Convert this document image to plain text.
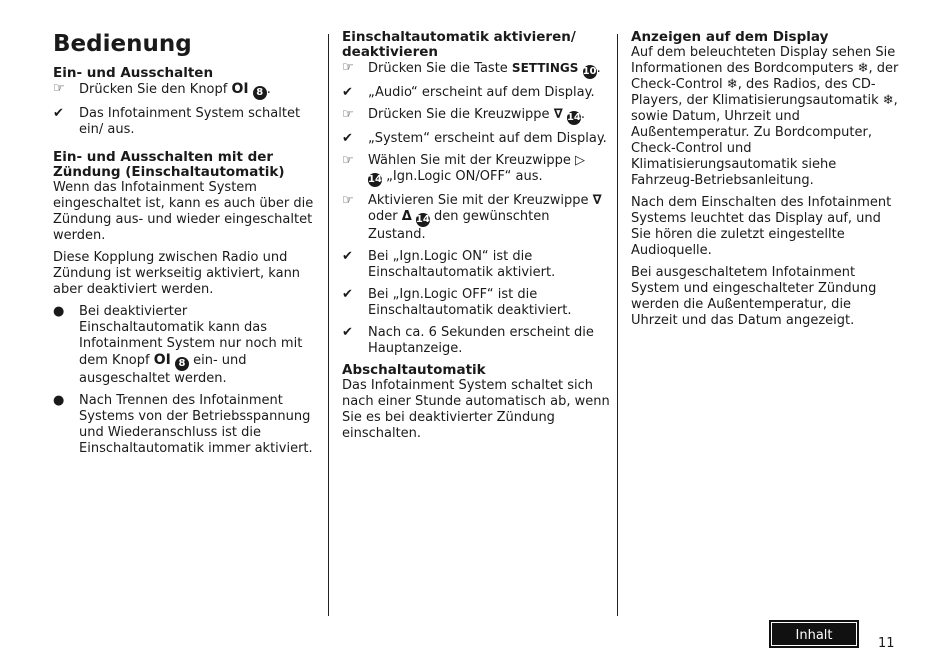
Bedienung
Ein- und Ausschalten
☞	Drücken Sie den Knopf OI 8 .
✔	Das Infotainment System schaltet ein/ aus.
Ein- und Ausschalten mit der Zündung (Einschaltautomatik)

Wenn das Infotainment System eingeschaltet ist, kann es auch über die Zündung aus- und wieder eingeschaltet werden.

Diese Kopplung zwischen Radio und Zündung ist werkseitig aktiviert, kann aber deaktiviert werden.

●	Bei deaktivierter Einschaltautomatik kann das Infotainment System nur noch mit dem Knopf OI 8 ein- und ausgeschaltet werden.
●	Nach Trennen des Infotainment Systems von der Betriebsspannung und Wiederanschluss ist die Einschaltautomatik immer aktiviert.
Einschaltautomatik aktivieren/ deaktivieren
☞	Drücken Sie die Taste SETTINGS 10.
✔	„Audio“ erscheint auf dem Display.
☞	Drücken Sie die Kreuzwippe ∇ 14.
✔	„System“ erscheint auf dem Display.
☞	Wählen Sie mit der Kreuzwippe ▷
14 „Ign.Logic ON/OFF“ aus.
☞	Aktivieren Sie mit der Kreuzwippe ∇
oder Δ 14 den gewünschten Zustand.
✔	Bei „Ign.Logic ON“ ist die Einschaltautomatik aktiviert.
✔	Bei „Ign.Logic OFF“ ist die Einschaltautomatik deaktiviert.
✔	Nach ca. 6 Sekunden erscheint die Hauptanzeige.
Abschaltautomatik

Das Infotainment System schaltet sich nach einer Stunde automatisch ab, wenn Sie es bei deaktivierter Zündung einschalten.

Anzeigen auf dem Display

Auf dem beleuchteten Display sehen Sie Informationen des Bordcomputers ❄, der Check-Control ❄, des Radios, des CD-Players, der Klimatisierungsautomatik ❄, sowie Datum, Uhrzeit und Außentemperatur. Zu Bordcomputer, Check-Control und Klimatisierungsautomatik siehe Fahrzeug-Betriebsanleitung.

Nach dem Einschalten des Infotainment Systems leuchtet das Display auf, und Sie hören die zuletzt eingestellte Audioquelle.

Bei ausgeschaltetem Infotainment System und eingeschalteter Zündung werden die Außentemperatur, die Uhrzeit und das Datum angezeigt.

Inhalt
11
